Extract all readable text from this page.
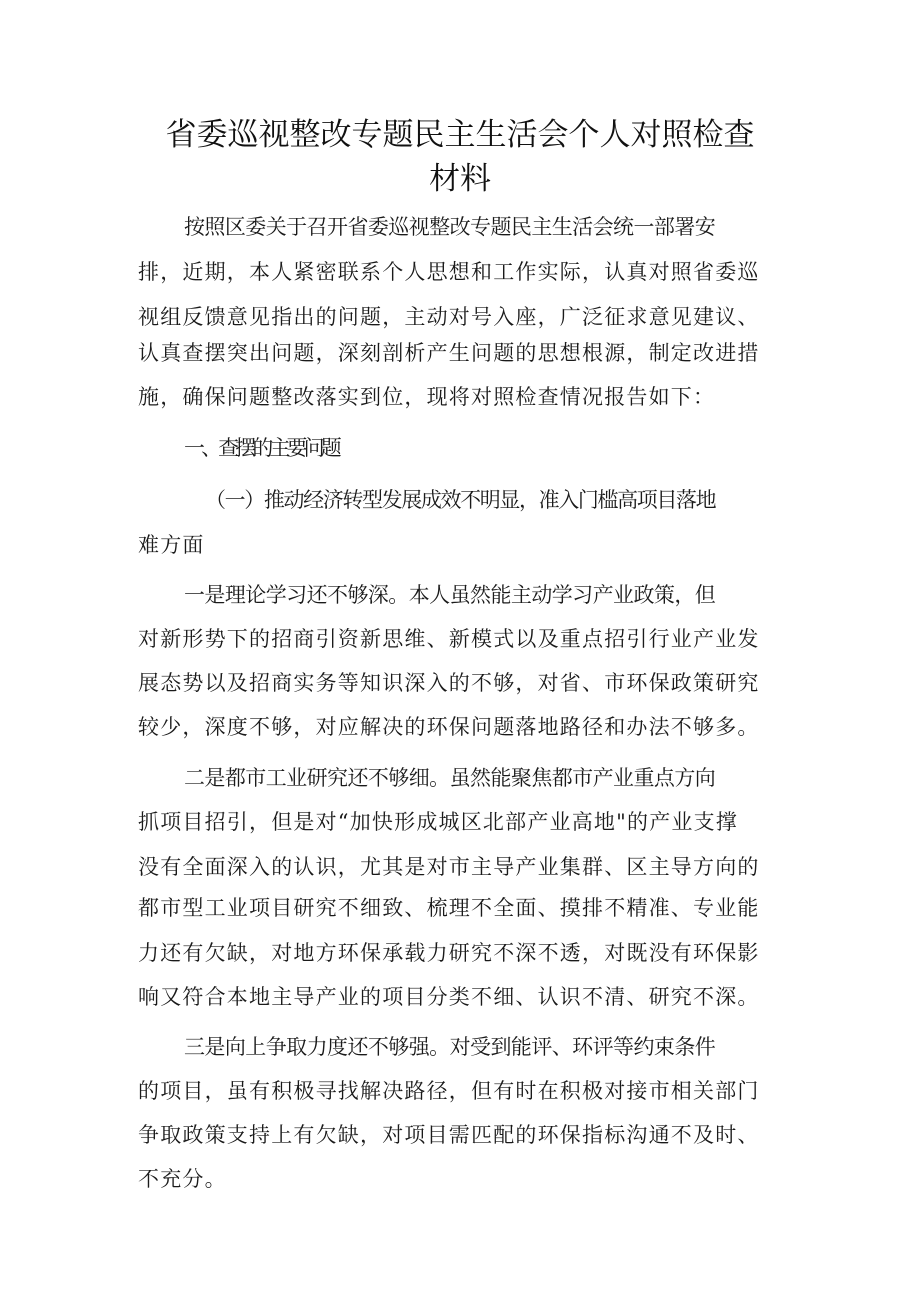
省委巡视整改专题民主生活会个人对照检查
材料
按照区委关于召开省委巡视整改专题民主生活会统一部署安
排，近期，本人紧密联系个人思想和工作实际，认真对照省委巡
视组反馈意见指出的问题，主动对号入座，广泛征求意见建议、
认真查摆突出问题，深刻剖析产生问题的思想根源，制定改进措
施，确保问题整改落实到位，现将对照检查情况报告如下：
一、查摆的主要问题
（一）推动经济转型发展成效不明显，准入门槛高项目落地
难方面
一是理论学习还不够深。本人虽然能主动学习产业政策，但
对新形势下的招商引资新思维、新模式以及重点招引行业产业发
展态势以及招商实务等知识深入的不够，对省、市环保政策研究
较少，深度不够，对应解决的环保问题落地路径和办法不够多。
二是都市工业研究还不够细。虽然能聚焦都市产业重点方向
抓项目招引，但是对“加快形成城区北部产业高地"的产业支撑
没有全面深入的认识，尤其是对市主导产业集群、区主导方向的
都市型工业项目研究不细致、梳理不全面、摸排不精准、专业能
力还有欠缺，对地方环保承载力研究不深不透，对既没有环保影
响又符合本地主导产业的项目分类不细、认识不清、研究不深。
三是向上争取力度还不够强。对受到能评、环评等约束条件
的项目，虽有积极寻找解决路径，但有时在积极对接市相关部门
争取政策支持上有欠缺，对项目需匹配的环保指标沟通不及时、
不充分。
